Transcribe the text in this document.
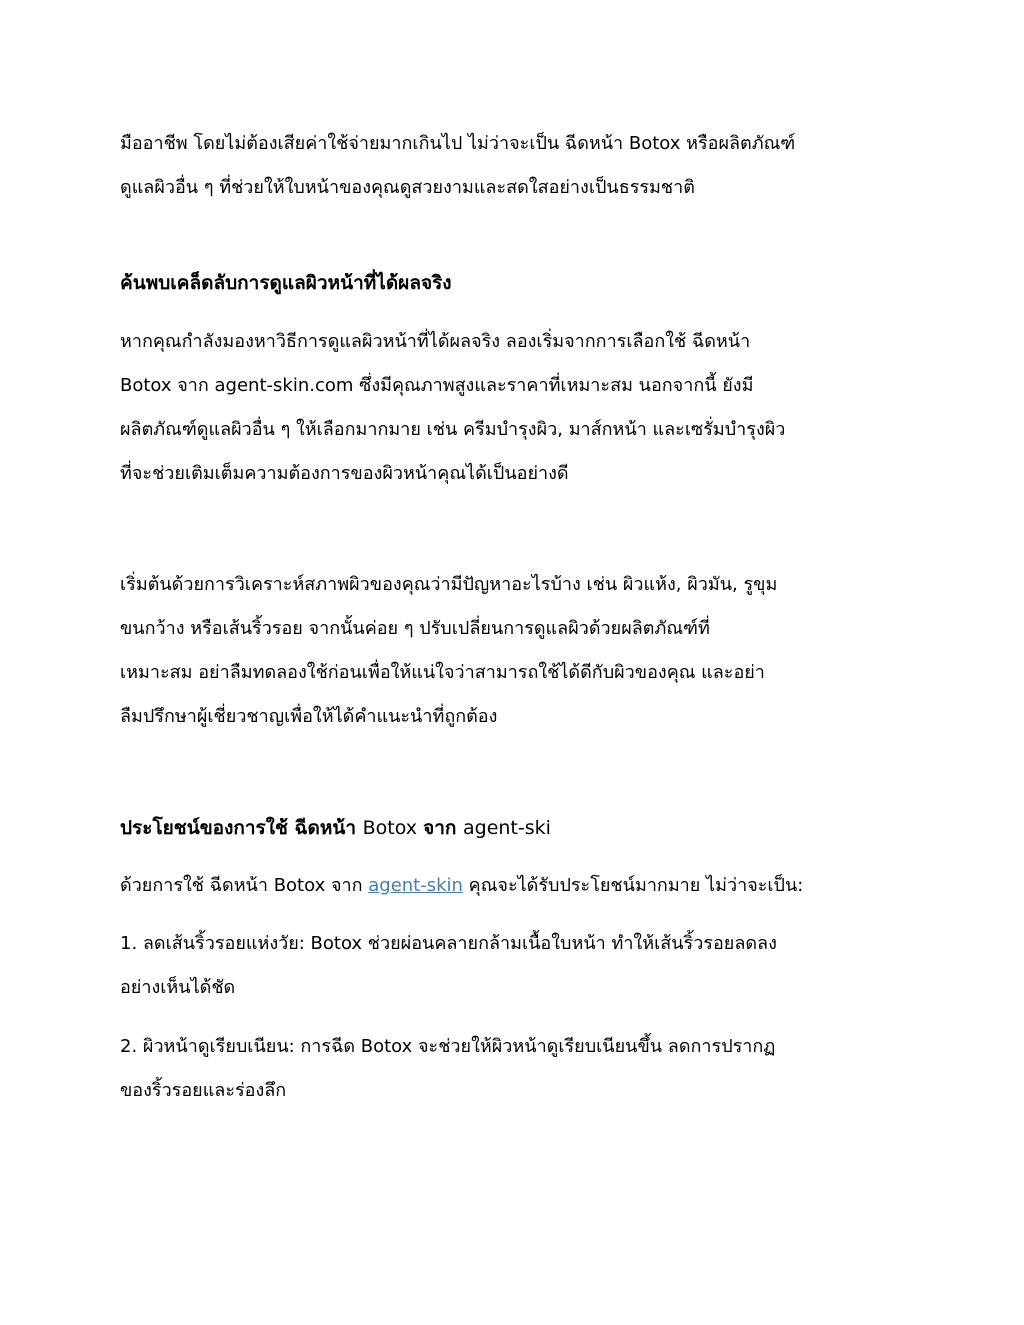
มืออาชีพ โดยไม่ต้องเสียค่าใช้จ่ายมากเกินไป ไม่ว่าจะเป็น ฉีดหน้า Botox หรือผลิตภัณฑ์
ดูแลผิวอื่น ๆ ที่ช่วยให้ใบหน้าของคุณดูสวยงามและสดใสอย่างเป็นธรรมชาติ

ค้นพบเคล็ดลับการดูแลผิวหน้าที่ได้ผลจริง

หากคุณกำลังมองหาวิธีการดูแลผิวหน้าที่ได้ผลจริง ลองเริ่มจากการเลือกใช้ ฉีดหน้า
Botox จาก agent-skin.com ซึ่งมีคุณภาพสูงและราคาที่เหมาะสม นอกจากนี้ ยังมี
ผลิตภัณฑ์ดูแลผิวอื่น ๆ ให้เลือกมากมาย เช่น ครีมบำรุงผิว, มาส์กหน้า และเซรั่มบำรุงผิว
ที่จะช่วยเติมเต็มความต้องการของผิวหน้าคุณได้เป็นอย่างดี

เริ่มต้นด้วยการวิเคราะห์สภาพผิวของคุณว่ามีปัญหาอะไรบ้าง เช่น ผิวแห้ง, ผิวมัน, รูขุม
ขนกว้าง หรือเส้นริ้วรอย จากนั้นค่อย ๆ ปรับเปลี่ยนการดูแลผิวด้วยผลิตภัณฑ์ที่
เหมาะสม อย่าลืมทดลองใช้ก่อนเพื่อให้แน่ใจว่าสามารถใช้ได้ดีกับผิวของคุณ และอย่า
ลืมปรึกษาผู้เชี่ยวชาญเพื่อให้ได้คำแนะนำที่ถูกต้อง

ประโยชน์ของการใช้ ฉีดหน้า Botox จาก agent-ski

ด้วยการใช้ ฉีดหน้า Botox จาก agent-skin คุณจะได้รับประโยชน์มากมาย ไม่ว่าจะเป็น:

1. ลดเส้นริ้วรอยแห่งวัย: Botox ช่วยผ่อนคลายกล้ามเนื้อใบหน้า ทำให้เส้นริ้วรอยลดลง
อย่างเห็นได้ชัด

2. ผิวหน้าดูเรียบเนียน: การฉีด Botox จะช่วยให้ผิวหน้าดูเรียบเนียนขึ้น ลดการปรากฏ
ของริ้วรอยและร่องลึก
